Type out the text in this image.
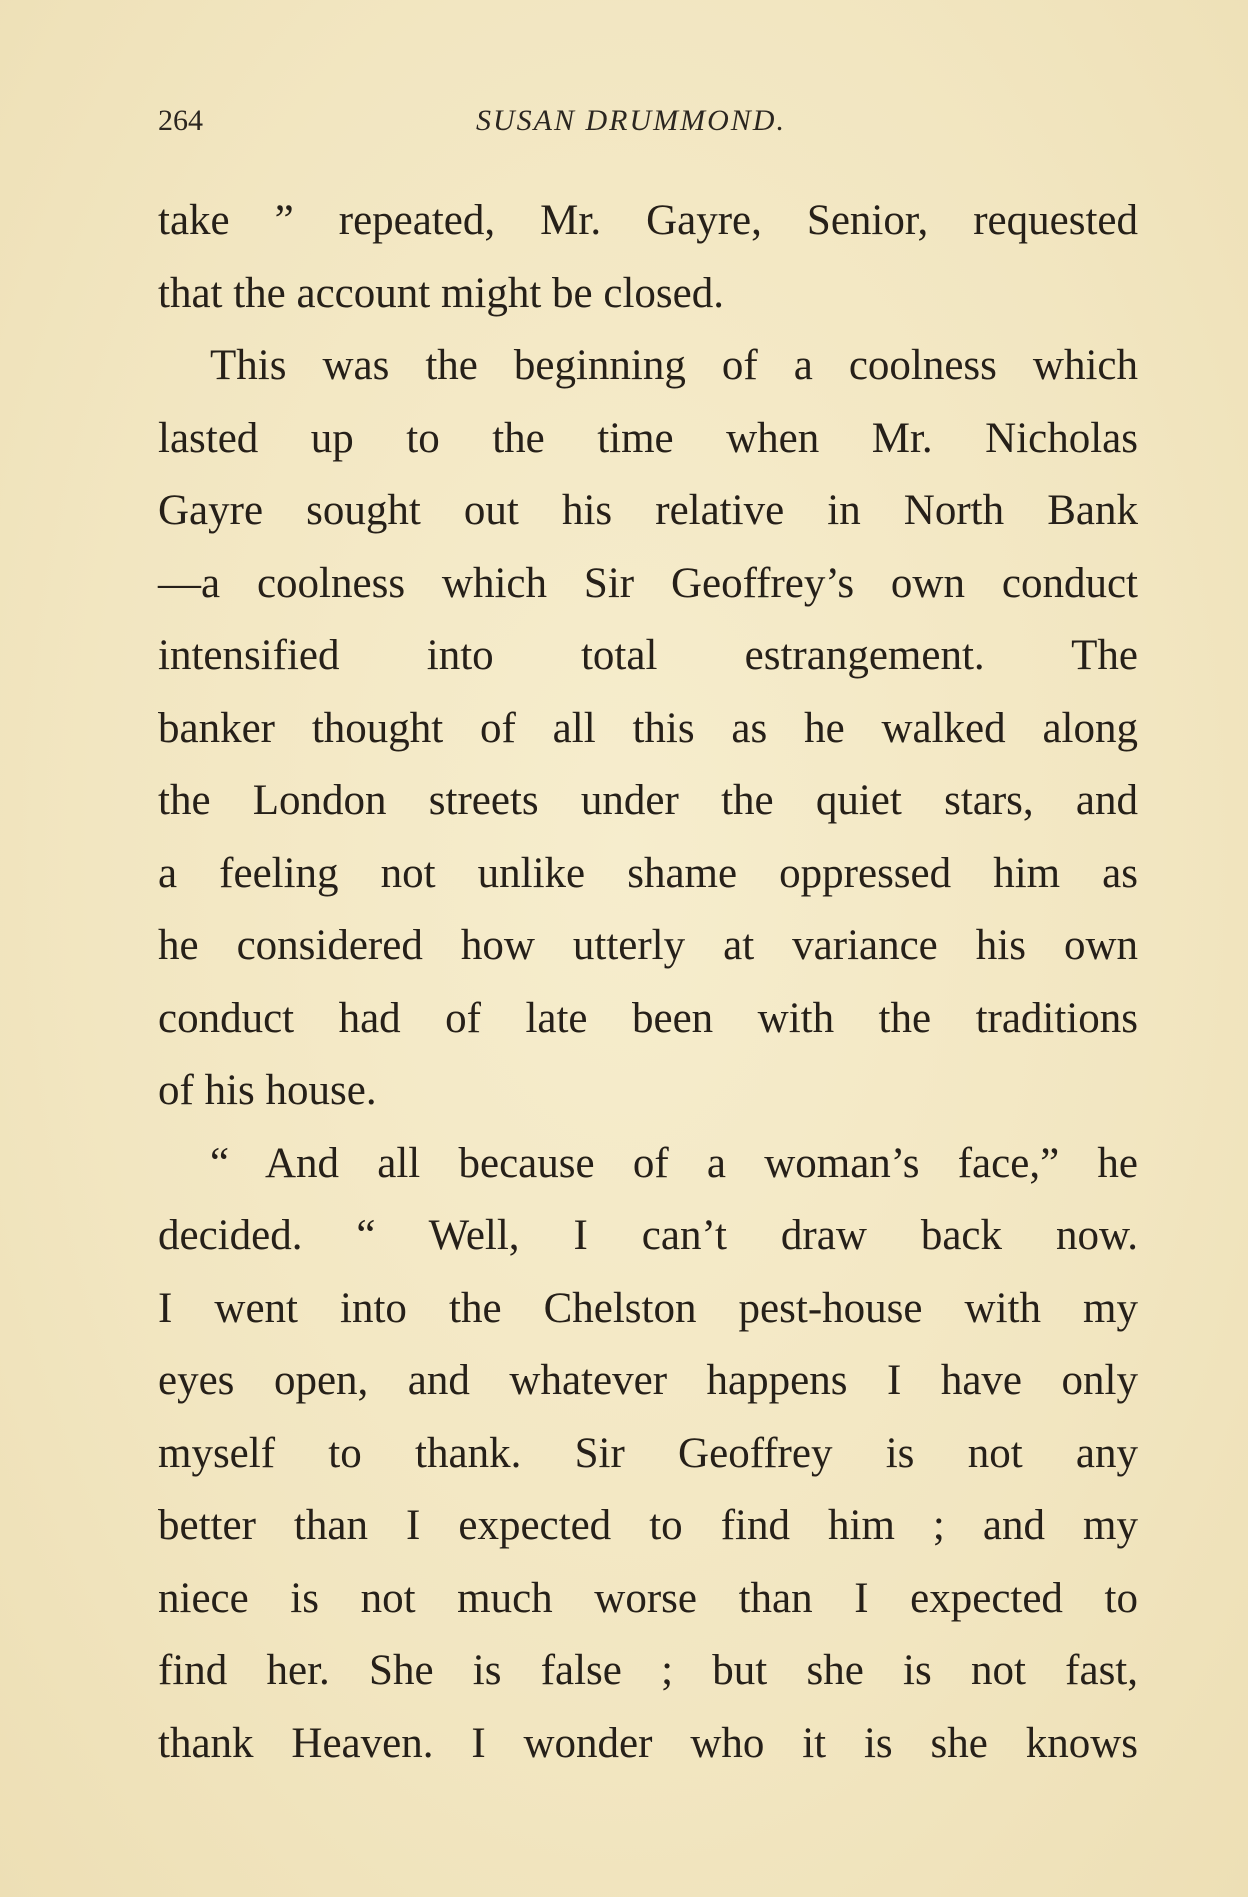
264	SUSAN DRUMMOND.
take ” repeated, Mr. Gayre, Senior, requested
that the account might be closed.
This was the beginning of a coolness which
lasted up to the time when Mr. Nicholas
Gayre sought out his relative in North Bank
—a coolness which Sir Geoffrey’s own conduct
intensified into total estrangement. The
banker thought of all this as he walked along
the London streets under the quiet stars, and
a feeling not unlike shame oppressed him as
he considered how utterly at variance his own
conduct had of late been with the traditions
of his house.
“ And all because of a woman’s face,” he
decided. “ Well, I can’t draw back now.
I went into the Chelston pest-house with my
eyes open, and whatever happens I have only
myself to thank. Sir Geoffrey is not any
better than I expected to find him ; and my
niece is not much worse than I expected to
find her. She is false ; but she is not fast,
thank Heaven. I wonder who it is she knows
